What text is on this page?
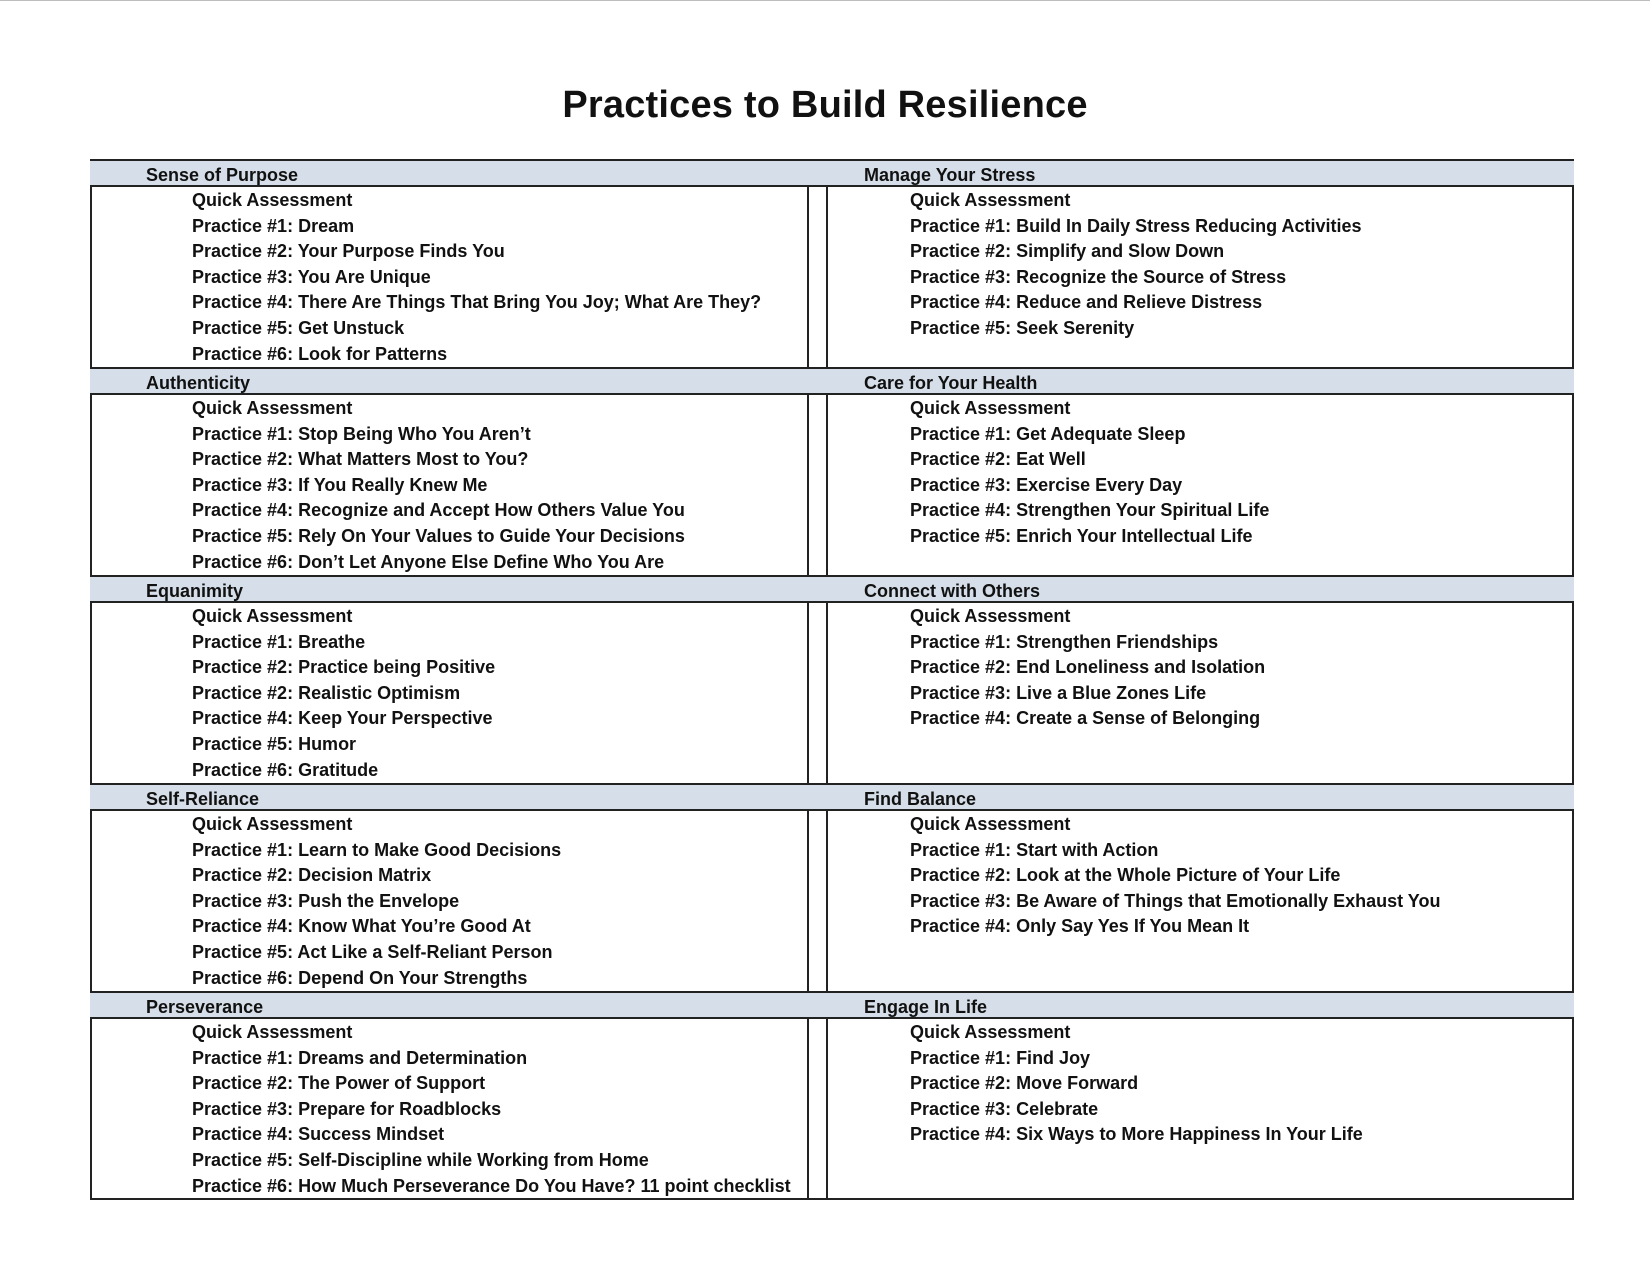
Practices to Build Resilience
Sense of Purpose
Quick Assessment
Practice #1: Dream
Practice #2: Your Purpose Finds You
Practice #3: You Are Unique
Practice #4: There Are Things That Bring You Joy; What Are They?
Practice #5: Get Unstuck
Practice #6: Look for Patterns
Authenticity
Quick Assessment
Practice #1: Stop Being Who You Aren’t
Practice #2: What Matters Most to You?
Practice #3: If You Really Knew Me
Practice #4: Recognize and Accept How Others Value You
Practice #5: Rely On Your Values to Guide Your Decisions
Practice #6: Don’t Let Anyone Else Define Who You Are
Equanimity
Quick Assessment
Practice #1: Breathe
Practice #2: Practice being Positive
Practice #2: Realistic Optimism
Practice #4: Keep Your Perspective
Practice #5: Humor
Practice #6: Gratitude
Self-Reliance
Quick Assessment
Practice #1: Learn to Make Good Decisions
Practice #2: Decision Matrix
Practice #3: Push the Envelope
Practice #4: Know What You’re Good At
Practice #5: Act Like a Self-Reliant Person
Practice #6: Depend On Your Strengths
Perseverance
Quick Assessment
Practice #1: Dreams and Determination
Practice #2: The Power of Support
Practice #3: Prepare for Roadblocks
Practice #4: Success Mindset
Practice #5: Self-Discipline while Working from Home
Practice #6: How Much Perseverance Do You Have? 11 point checklist
Manage Your Stress
Quick Assessment
Practice #1: Build In Daily Stress Reducing Activities
Practice #2: Simplify and Slow Down
Practice #3: Recognize the Source of Stress
Practice #4: Reduce and Relieve Distress
Practice #5: Seek Serenity
Care for Your Health
Quick Assessment
Practice #1: Get Adequate Sleep
Practice #2: Eat Well
Practice #3: Exercise Every Day
Practice #4: Strengthen Your Spiritual Life
Practice #5: Enrich Your Intellectual Life
Connect with Others
Quick Assessment
Practice #1: Strengthen Friendships
Practice #2: End Loneliness and Isolation
Practice #3: Live a Blue Zones Life
Practice #4: Create a Sense of Belonging
Find Balance
Quick Assessment
Practice #1: Start with Action
Practice #2: Look at the Whole Picture of Your Life
Practice #3: Be Aware of Things that Emotionally Exhaust You
Practice #4: Only Say Yes If You Mean It
Engage In Life
Quick Assessment
Practice #1: Find Joy
Practice #2: Move Forward
Practice #3: Celebrate
Practice #4: Six Ways to More Happiness In Your Life
